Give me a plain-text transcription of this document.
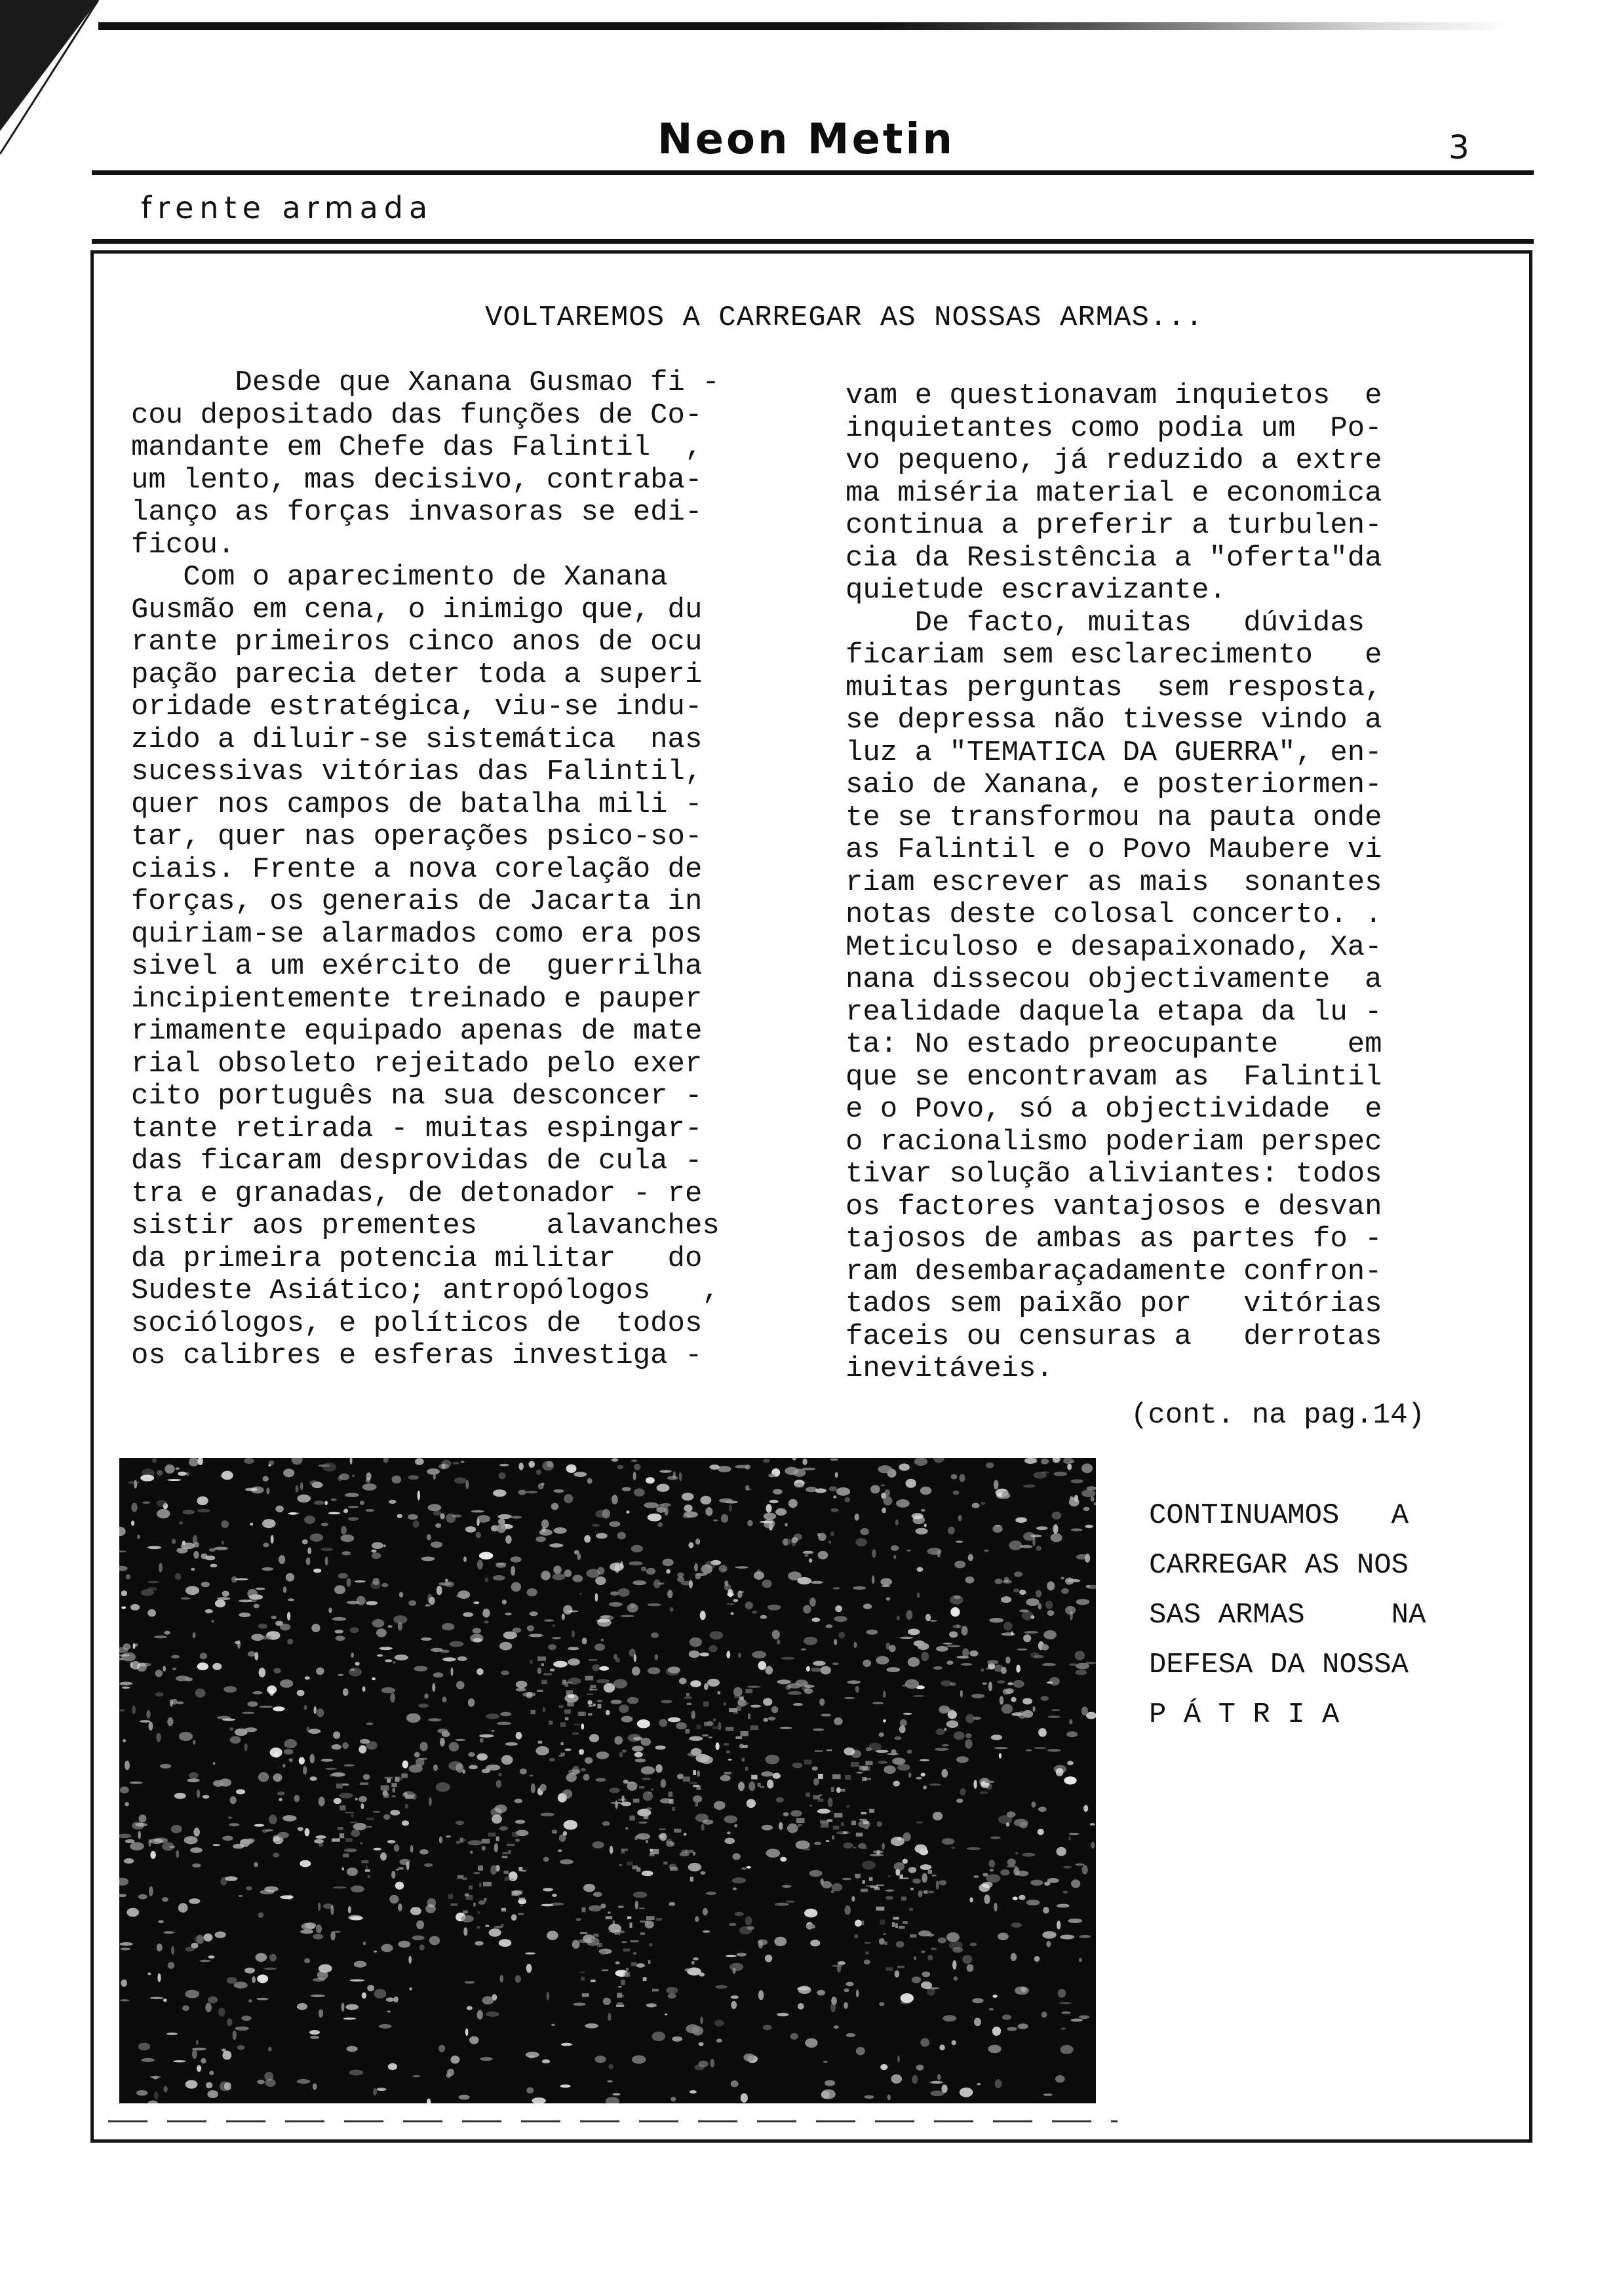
Neon Metin	3
frente armada
VOLTAREMOS A CARREGAR AS NOSSAS ARMAS...
Desde que Xanana Gusmao fi -
cou depositado das funções de Co-
mandante em Chefe das Falintil  ,
um lento, mas decisivo, contraba-
lanço as forças invasoras se edi-
ficou.
Com o aparecimento de Xanana
Gusmão em cena, o inimigo que, du
rante primeiros cinco anos de ocu
pação parecia deter toda a superi
oridade estratégica, viu-se indu-
zido a diluir-se sistemática  nas
sucessivas vitórias das Falintil,
quer nos campos de batalha mili -
tar, quer nas operações psico-so-
ciais. Frente a nova corelação de
forças, os generais de Jacarta in
quiriam-se alarmados como era pos
sivel a um exército de  guerrilha
incipientemente treinado e pauper
rimamente equipado apenas de mate
rial obsoleto rejeitado pelo exer
cito português na sua desconcer -
tante retirada - muitas espingar-
das ficaram desprovidas de cula -
tra e granadas, de detonador - re
sistir aos prementes    alavanches
da primeira potencia militar   do
Sudeste Asiático; antropólogos   ,
sociólogos, e políticos de  todos
os calibres e esferas investiga -
vam e questionavam inquietos  e
inquietantes como podia um  Po-
vo pequeno, já reduzido a extre
ma miséria material e economica
continua a preferir a turbulen-
cia da Resistência a "oferta"da
quietude escravizante.
De facto, muitas   dúvidas
ficariam sem esclarecimento   e
muitas perguntas  sem resposta,
se depressa não tivesse vindo a
luz a "TEMATICA DA GUERRA", en-
saio de Xanana, e posteriormen-
te se transformou na pauta onde
as Falintil e o Povo Maubere vi
riam escrever as mais  sonantes
notas deste colosal concerto. .
Meticuloso e desapaixonado, Xa-
nana dissecou objectivamente  a
realidade daquela etapa da lu -
ta: No estado preocupante    em
que se encontravam as  Falintil
e o Povo, só a objectividade  e
o racionalismo poderiam perspec
tivar solução aliviantes: todos
os factores vantajosos e desvan
tajosos de ambas as partes fo -
ram desembaraçadamente confron-
tados sem paixão por   vitórias
faceis ou censuras a   derrotas
inevitáveis.
(cont. na pag.14)
CONTINUAMOS   A
CARREGAR AS NOS
SAS ARMAS     NA
DEFESA DA NOSSA
P Á T R I A
